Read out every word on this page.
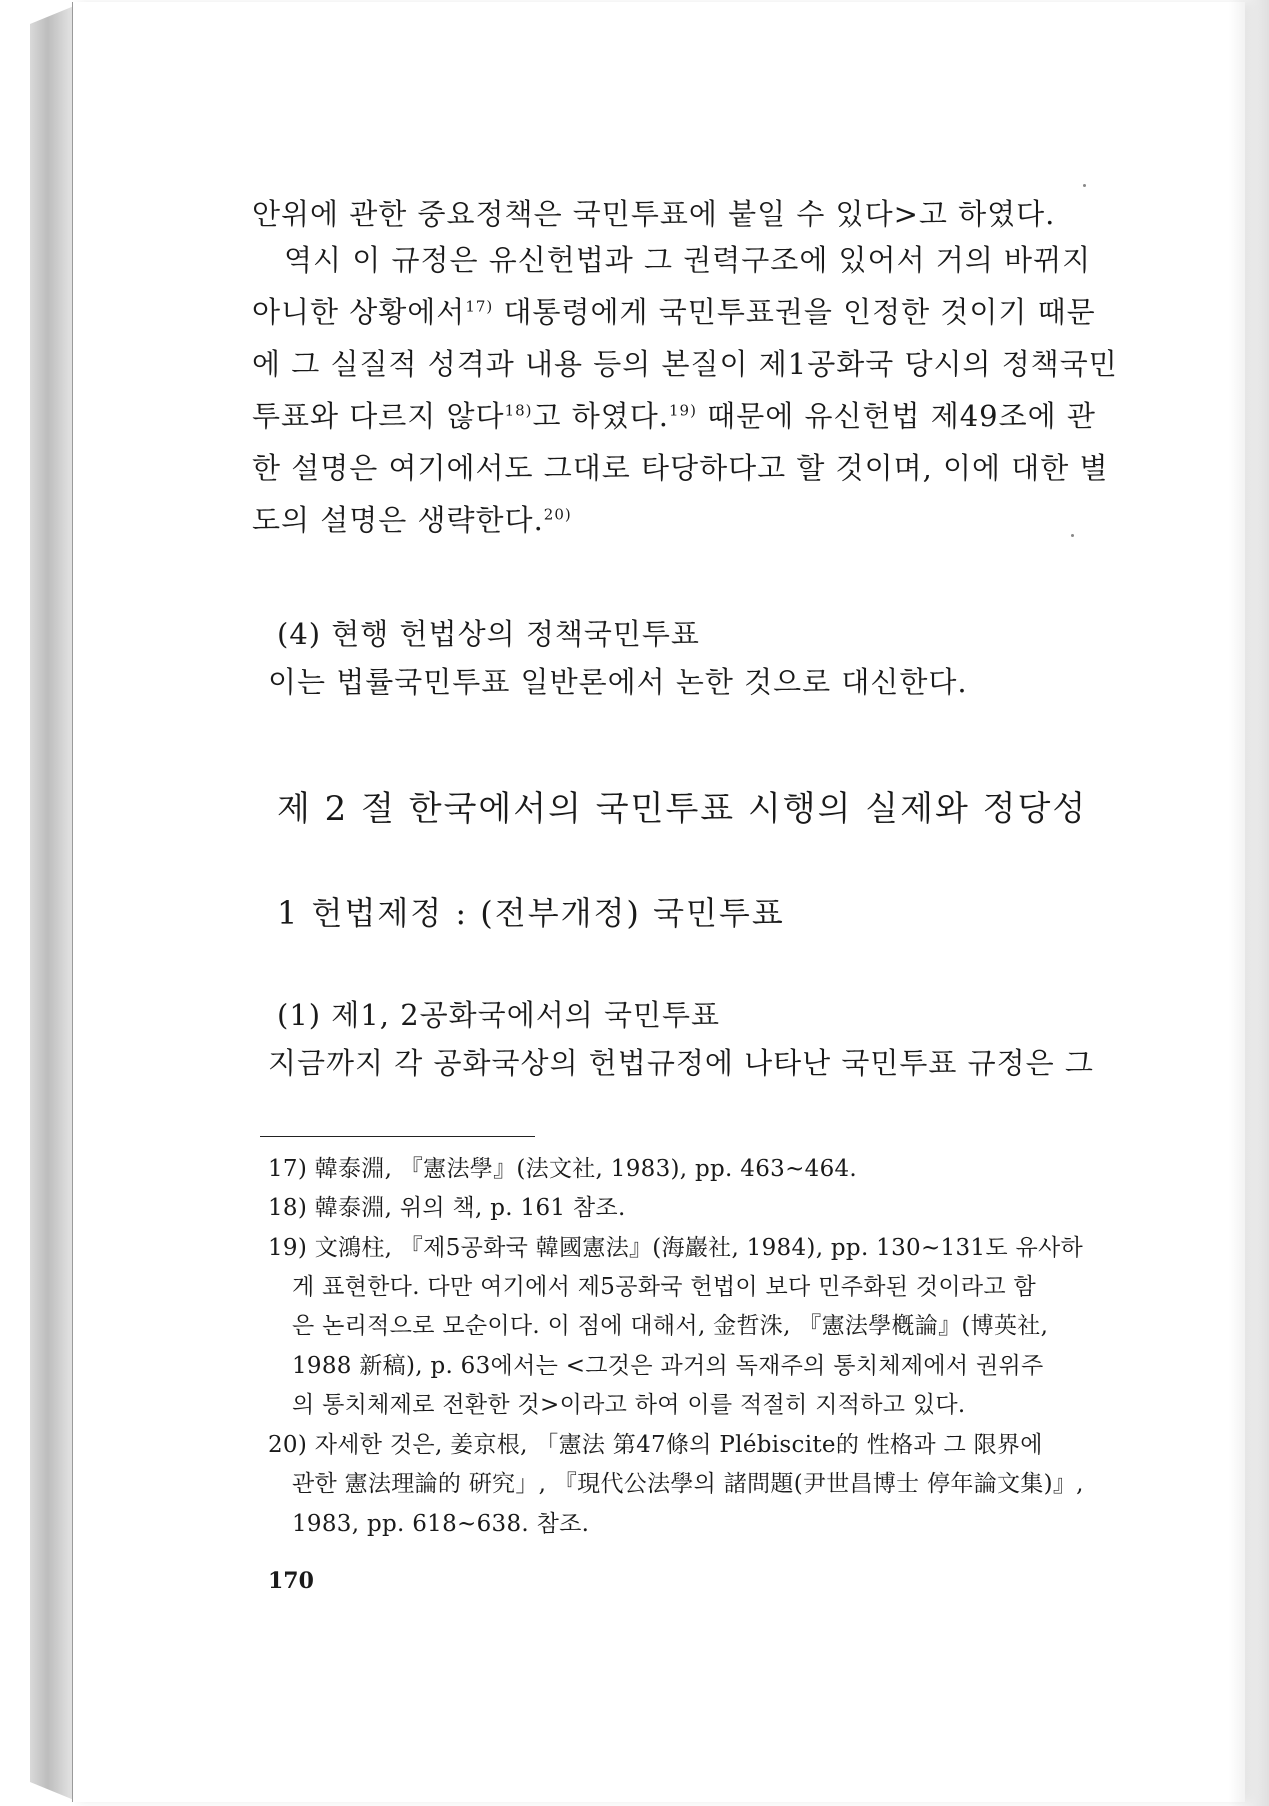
안위에 관한 중요정책은 국민투표에 붙일 수 있다>고 하였다.
역시 이 규정은 유신헌법과 그 권력구조에 있어서 거의 바뀌지
아니한 상황에서$^{17)}$ 대통령에게 국민투표권을 인정한 것이기 때문
에 그 실질적 성격과 내용 등의 본질이 제1공화국 당시의 정책국민
투표와 다르지 않다$^{18)}$고 하였다.$^{19)}$ 때문에 유신헌법 제49조에 관
한 설명은 여기에서도 그대로 타당하다고 할 것이며, 이에 대한 별
도의 설명은 생략한다.$^{20)}$
(4) 현행 헌법상의 정책국민투표
이는 법률국민투표 일반론에서 논한 것으로 대신한다.
제 2 절 한국에서의 국민투표 시행의 실제와 정당성
1 헌법제정 : (전부개정) 국민투표
(1) 제1, 2공화국에서의 국민투표
지금까지 각 공화국상의 헌법규정에 나타난 국민투표 규정은 그
17) 韓泰淵, 『憲法學』(法文社, 1983), pp. 463~464.
18) 韓泰淵, 위의 책, p. 161 참조.
19) 文鴻柱, 『제5공화국 韓國憲法』(海巖社, 1984), pp. 130~131도 유사하
게 표현한다. 다만 여기에서 제5공화국 헌법이 보다 민주화된 것이라고 함
은 논리적으로 모순이다. 이 점에 대해서, 金哲洙, 『憲法學槪論』(博英社,
1988 新稿), p. 63에서는 <그것은 과거의 독재주의 통치체제에서 권위주
의 통치체제로 전환한 것>이라고 하여 이를 적절히 지적하고 있다.
20) 자세한 것은, 姜京根, 「憲法 第47條의 Plébiscite的 性格과 그 限界에
관한 憲法理論的 硏究」, 『現代公法學의 諸問題(尹世昌博士 停年論文集)』,
1983, pp. 618~638. 참조.
170
